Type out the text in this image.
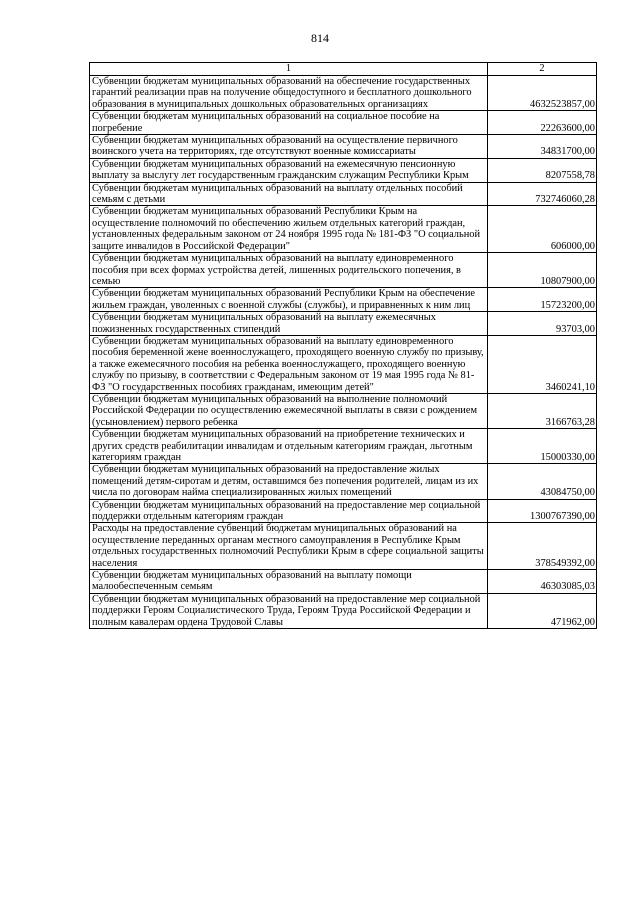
814
1	2
Субвенции бюджетам муниципальных образований на обеспечение государственных гарантий реализации прав на получение общедоступного и бесплатного дошкольного образования в муниципальных дошкольных образовательных организациях	4632523857,00
Субвенции бюджетам муниципальных образований на социальное пособие на погребение	22263600,00
Субвенции бюджетам муниципальных образований на осуществление первичного воинского учета на территориях, где отсутствуют военные комиссариаты	34831700,00
Субвенции бюджетам муниципальных образований на ежемесячную пенсионную выплату за выслугу лет государственным гражданским служащим Республики Крым	8207558,78
Субвенции бюджетам муниципальных образований на выплату отдельных пособий семьям с детьми	732746060,28
Субвенции бюджетам муниципальных образований Республики Крым на осуществление полномочий по обеспечению жильем отдельных категорий граждан, установленных федеральным законом от 24 ноября 1995 года № 181-ФЗ "О социальной защите инвалидов в Российской Федерации"	606000,00
Субвенции бюджетам муниципальных образований на выплату единовременного пособия при всех формах устройства детей, лишенных родительского попечения, в семью	10807900,00
Субвенции бюджетам муниципальных образований Республики Крым на обеспечение жильем граждан, уволенных с военной службы (службы), и приравненных к ним лиц	15723200,00
Субвенции бюджетам муниципальных образований на выплату ежемесячных пожизненных государственных стипендий	93703,00
Субвенции бюджетам муниципальных образований на выплату единовременного пособия беременной жене военнослужащего, проходящего военную службу по призыву, а также ежемесячного пособия на ребенка военнослужащего, проходящего военную службу по призыву, в соответствии с Федеральным законом от 19 мая 1995 года № 81-ФЗ "О государственных пособиях гражданам, имеющим детей"	3460241,10
Субвенции бюджетам муниципальных образований на выполнение полномочий Российской Федерации по осуществлению ежемесячной выплаты в связи с рождением (усыновлением) первого ребенка	3166763,28
Субвенции бюджетам муниципальных образований на приобретение технических и других средств реабилитации инвалидам и отдельным категориям граждан, льготным категориям граждан	15000330,00
Субвенции бюджетам муниципальных образований на предоставление жилых помещений детям-сиротам и детям, оставшимся без попечения родителей, лицам из их числа по договорам найма специализированных жилых помещений	43084750,00
Субвенции бюджетам муниципальных образований на предоставление мер социальной поддержки отдельным категориям граждан	1300767390,00
Расходы на предоставление субвенций бюджетам муниципальных образований на осуществление переданных органам местного самоуправления в Республике Крым отдельных государственных полномочий Республики Крым в сфере социальной защиты населения	378549392,00
Субвенции бюджетам муниципальных образований на выплату помощи малообеспеченным семьям	46303085,03
Субвенции бюджетам муниципальных образований на предоставление мер социальной поддержки Героям Социалистического Труда, Героям Труда Российской Федерации и полным кавалерам ордена Трудовой Славы	471962,00
